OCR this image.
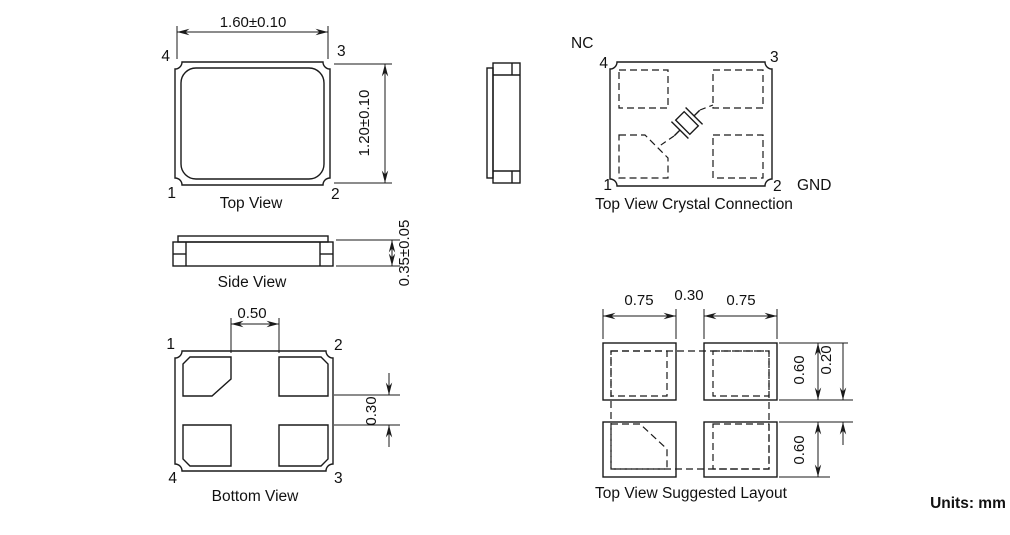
1.60±0.10
1.20±0.10
4	3
1	2
Top View
0.35±0.05
Side View
0.50
0.30
1	2
4	3
Bottom View
NC
4	3
1	2 GND
Top View Crystal Connection
0.75 0.30 0.75
0.60 0.20
0.60
Top View Suggested Layout
Units: mm
